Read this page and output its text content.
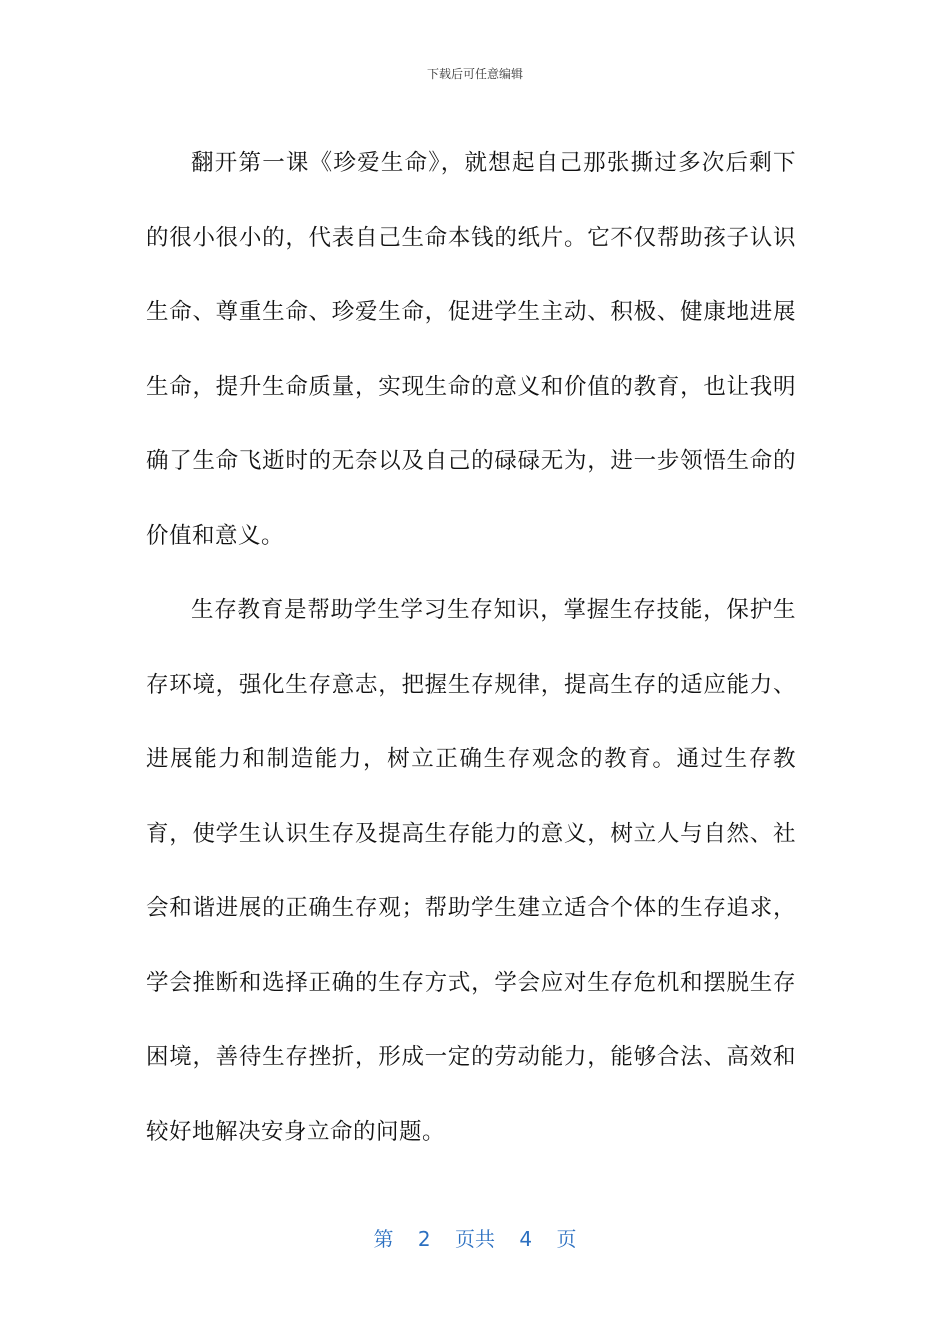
下载后可任意编辑

翻开第一课《珍爱生命》，就想起自己那张撕过多次后剩下的很小很小的，代表自己生命本钱的纸片。它不仅帮助孩子认识生命、尊重生命、珍爱生命，促进学生主动、积极、健康地进展生命，提升生命质量，实现生命的意义和价值的教育，也让我明确了生命飞逝时的无奈以及自己的碌碌无为，进一步领悟生命的价值和意义。

生存教育是帮助学生学习生存知识，掌握生存技能，保护生存环境，强化生存意志，把握生存规律，提高生存的适应能力、进展能力和制造能力，树立正确生存观念的教育。通过生存教育，使学生认识生存及提高生存能力的意义，树立人与自然、社会和谐进展的正确生存观；帮助学生建立适合个体的生存追求，学会推断和选择正确的生存方式，学会应对生存危机和摆脱生存困境，善待生存挫折，形成一定的劳动能力，能够合法、高效和较好地解决安身立命的问题。

第 2 页共 4 页
